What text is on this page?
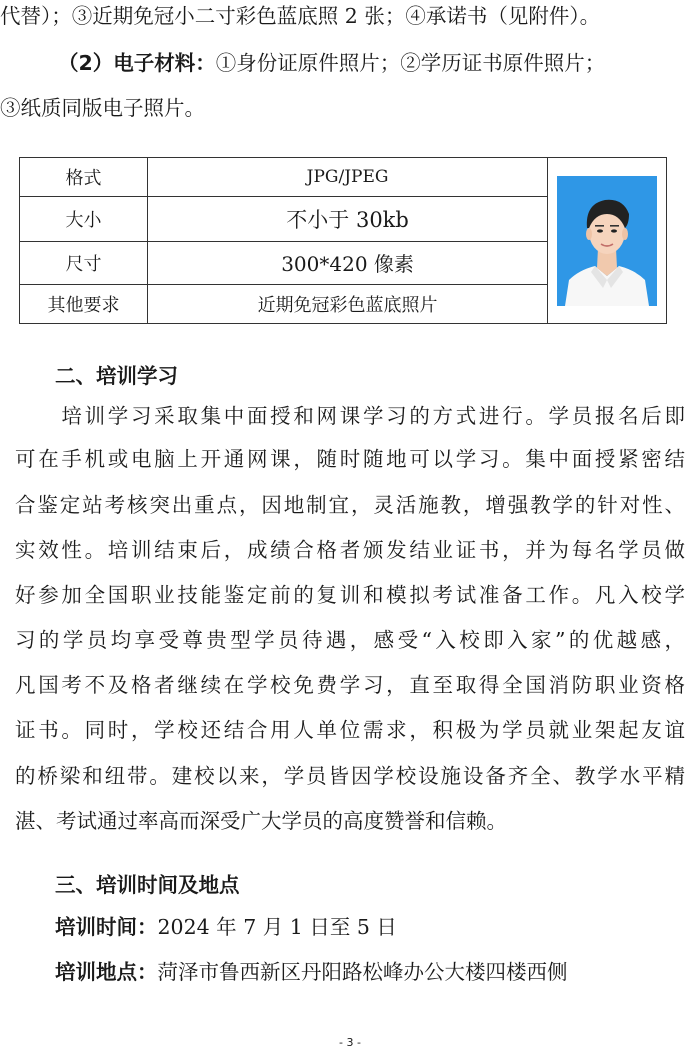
代替）；③近期免冠小二寸彩色蓝底照 2 张；④承诺书（见附件）。
（2）电子材料：①身份证原件照片；②学历证书原件照片；
③纸质同版电子照片。
格式	JPG/JPEG	

大小	不小于 30kb	
尺寸	300*420 像素	
其他要求	近期免冠彩色蓝底照片	
二、培训学习
　　培训学习采取集中面授和网课学习的方式进行。学员报名后即
可在手机或电脑上开通网课，随时随地可以学习。集中面授紧密结
合鉴定站考核突出重点，因地制宜，灵活施教，增强教学的针对性、
实效性。培训结束后，成绩合格者颁发结业证书，并为每名学员做
好参加全国职业技能鉴定前的复训和模拟考试准备工作。凡入校学
习的学员均享受尊贵型学员待遇，感受“入校即入家”的优越感，
凡国考不及格者继续在学校免费学习，直至取得全国消防职业资格
证书。同时，学校还结合用人单位需求，积极为学员就业架起友谊
的桥梁和纽带。建校以来，学员皆因学校设施设备齐全、教学水平精
湛、考试通过率高而深受广大学员的高度赞誉和信赖。
三、培训时间及地点
培训时间：2024 年 7 月 1 日至 5 日
培训地点：菏泽市鲁西新区丹阳路松峰办公大楼四楼西侧
- 3 -
